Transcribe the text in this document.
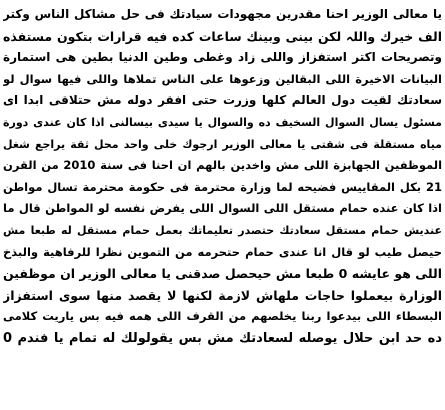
يا معالى الوزير احنا مقدرين مجهودات سيادتك فى حل مشاكل الناس وكتر
الف خيرك واللہ لكن بينى وبينك ساعات كده فيه قرارات بتكون مستفذه
وتصريحات اكتر استفزاز واللى زاد وغطى وطين الدنيا بطين هى استمارة
البيانات الاخيرة اللى البقالين وزعوها على الناس تملاها واللى فيها سوال لو
سعادتك لقيت دول العالم كلها وزرت حتى افقر دوله مش حتلاقى ابدا اى
مسئول يسال السوال السخيف ده والسوال يا سيدى بيسالنى اذا كان عندى دورة
مياه مستقلة فى شقتى يا معالى الوزير ارجوك خلى واحد محل ثقة يراجع شغل
الموظفين الجهابزة اللى مش واخدين بالهم ان احنا فى سنة 2010 من القرن
21 بكل المقاييس فضيحه لما وزارة محترمة فى حكومة محترمة تسال مواطن
اذا كان عنده حمام مستقل اللى السوال اللى يفرض نفسه لو المواطن قال ما
عنديش حمام مستقل سعادتك حتصدر تعليماتك بعمل حمام مستقل له طبعا مش
حيصل طيب لو قال انا عندى حمام حتحرمه من التموين نظرا للرفاهية والبذخ
اللى هو عايشه 0 طبعا مش حيحصل صدقنى يا معالى الوزير ان موظفين
الوزارة بيعملوا حاجات ملهاش لازمة لكنها لا يقصد منها سوى استفزاز
البسطاء اللى بيدعوا ربنا يخلصهم من القرف اللى همه فيه بس ياريت كلامى
ده حد ابن حلال يوصله لسعادتك مش بس يقولولك له تمام يا فندم 0
